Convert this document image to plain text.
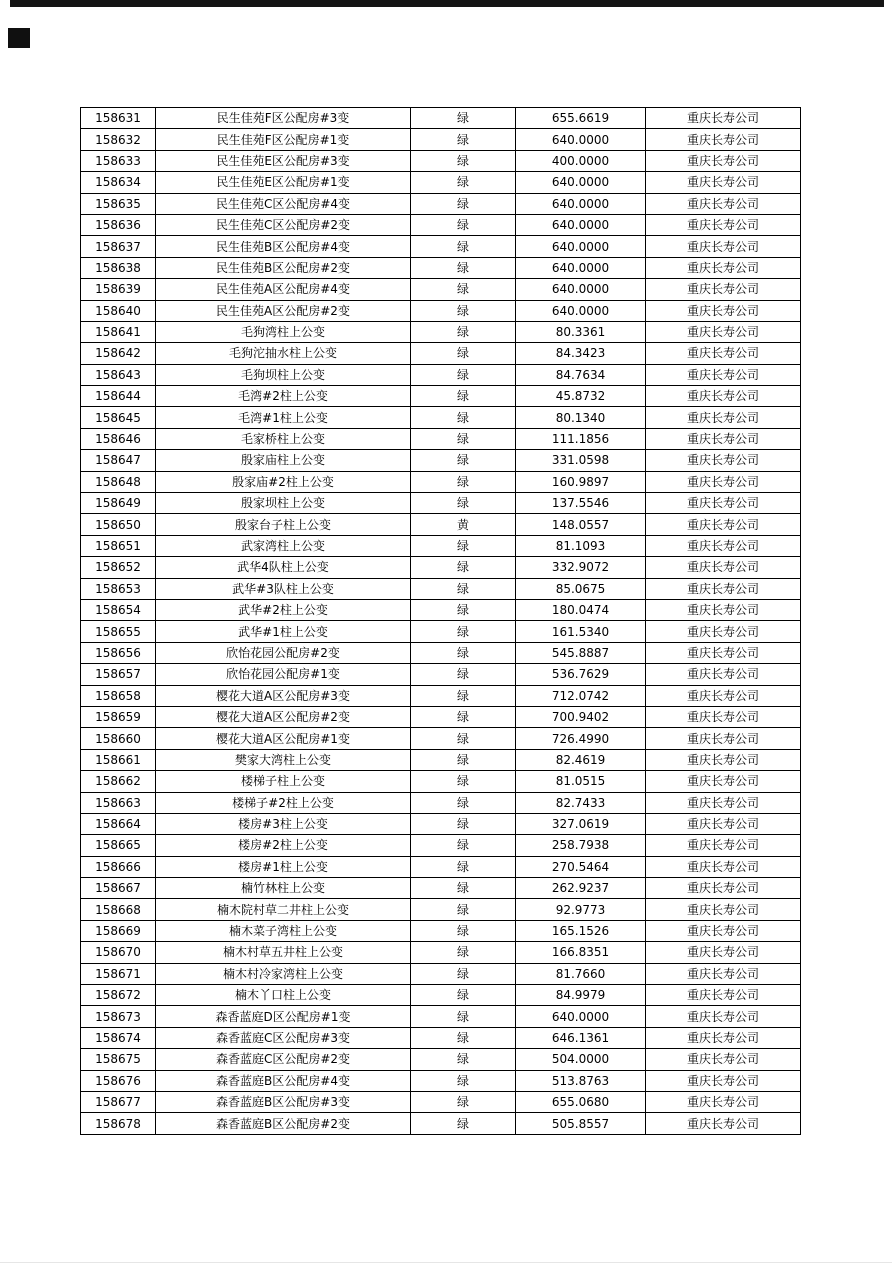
158631	民生佳苑F区公配房#3变	绿	655.6619	重庆长寿公司
158632	民生佳苑F区公配房#1变	绿	640.0000	重庆长寿公司
158633	民生佳苑E区公配房#3变	绿	400.0000	重庆长寿公司
158634	民生佳苑E区公配房#1变	绿	640.0000	重庆长寿公司
158635	民生佳苑C区公配房#4变	绿	640.0000	重庆长寿公司
158636	民生佳苑C区公配房#2变	绿	640.0000	重庆长寿公司
158637	民生佳苑B区公配房#4变	绿	640.0000	重庆长寿公司
158638	民生佳苑B区公配房#2变	绿	640.0000	重庆长寿公司
158639	民生佳苑A区公配房#4变	绿	640.0000	重庆长寿公司
158640	民生佳苑A区公配房#2变	绿	640.0000	重庆长寿公司
158641	毛狗湾柱上公变	绿	80.3361	重庆长寿公司
158642	毛狗沱抽水柱上公变	绿	84.3423	重庆长寿公司
158643	毛狗坝柱上公变	绿	84.7634	重庆长寿公司
158644	毛湾#2柱上公变	绿	45.8732	重庆长寿公司
158645	毛湾#1柱上公变	绿	80.1340	重庆长寿公司
158646	毛家桥柱上公变	绿	111.1856	重庆长寿公司
158647	殷家庙柱上公变	绿	331.0598	重庆长寿公司
158648	殷家庙#2柱上公变	绿	160.9897	重庆长寿公司
158649	殷家坝柱上公变	绿	137.5546	重庆长寿公司
158650	殷家台子柱上公变	黄	148.0557	重庆长寿公司
158651	武家湾柱上公变	绿	81.1093	重庆长寿公司
158652	武华4队柱上公变	绿	332.9072	重庆长寿公司
158653	武华#3队柱上公变	绿	85.0675	重庆长寿公司
158654	武华#2柱上公变	绿	180.0474	重庆长寿公司
158655	武华#1柱上公变	绿	161.5340	重庆长寿公司
158656	欣怡花园公配房#2变	绿	545.8887	重庆长寿公司
158657	欣怡花园公配房#1变	绿	536.7629	重庆长寿公司
158658	樱花大道A区公配房#3变	绿	712.0742	重庆长寿公司
158659	樱花大道A区公配房#2变	绿	700.9402	重庆长寿公司
158660	樱花大道A区公配房#1变	绿	726.4990	重庆长寿公司
158661	樊家大湾柱上公变	绿	82.4619	重庆长寿公司
158662	楼梯子柱上公变	绿	81.0515	重庆长寿公司
158663	楼梯子#2柱上公变	绿	82.7433	重庆长寿公司
158664	楼房#3柱上公变	绿	327.0619	重庆长寿公司
158665	楼房#2柱上公变	绿	258.7938	重庆长寿公司
158666	楼房#1柱上公变	绿	270.5464	重庆长寿公司
158667	楠竹林柱上公变	绿	262.9237	重庆长寿公司
158668	楠木院村草二井柱上公变	绿	92.9773	重庆长寿公司
158669	楠木菜子湾柱上公变	绿	165.1526	重庆长寿公司
158670	楠木村草五井柱上公变	绿	166.8351	重庆长寿公司
158671	楠木村冷家湾柱上公变	绿	81.7660	重庆长寿公司
158672	楠木丫口柱上公变	绿	84.9979	重庆长寿公司
158673	森香蓝庭D区公配房#1变	绿	640.0000	重庆长寿公司
158674	森香蓝庭C区公配房#3变	绿	646.1361	重庆长寿公司
158675	森香蓝庭C区公配房#2变	绿	504.0000	重庆长寿公司
158676	森香蓝庭B区公配房#4变	绿	513.8763	重庆长寿公司
158677	森香蓝庭B区公配房#3变	绿	655.0680	重庆长寿公司
158678	森香蓝庭B区公配房#2变	绿	505.8557	重庆长寿公司
